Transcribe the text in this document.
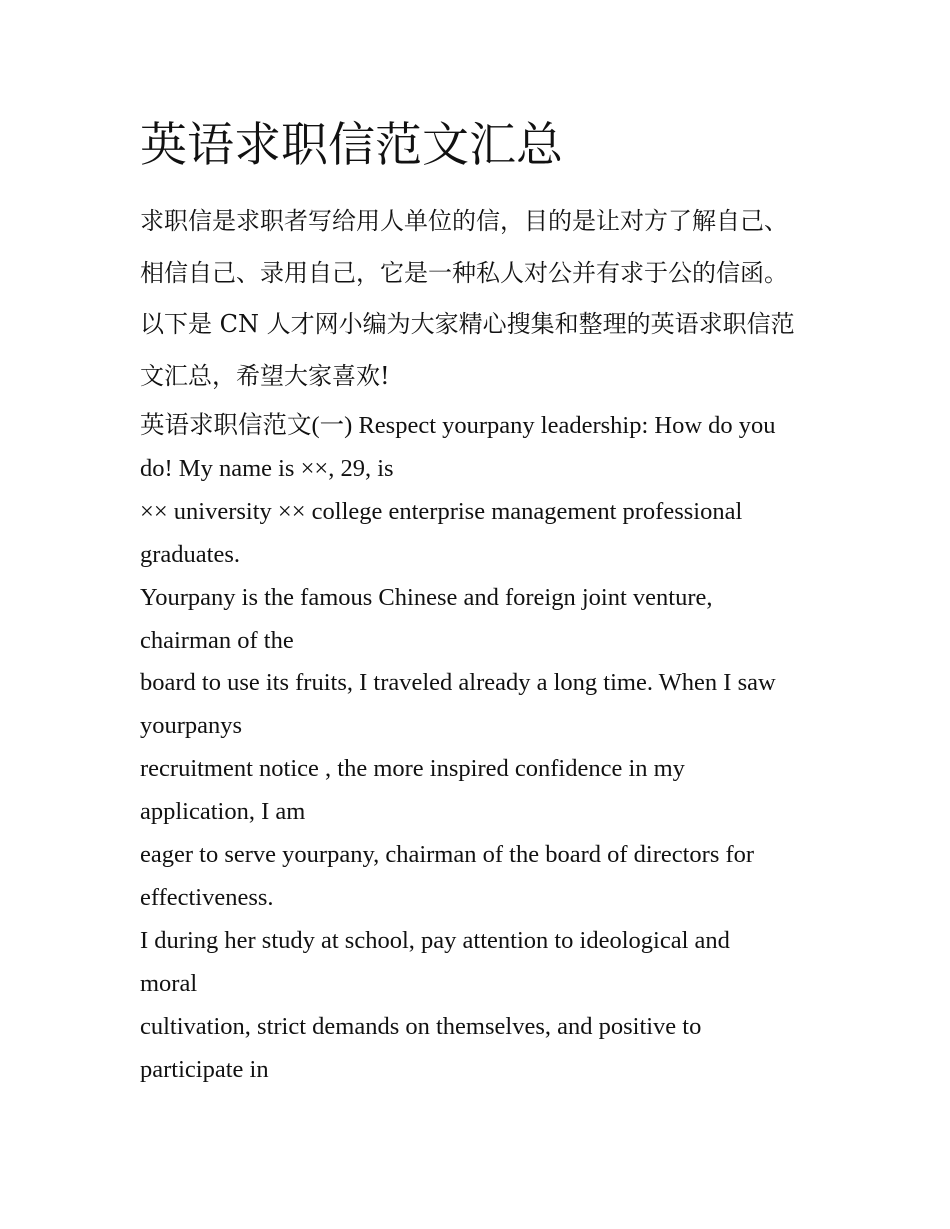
英语求职信范文汇总
求职信是求职者写给用人单位的信，目的是让对方了解自己、
相信自己、录用自己，它是一种私人对公并有求于公的信函。
以下是 CN 人才网小编为大家精心搜集和整理的英语求职信范
文汇总，希望大家喜欢!
英语求职信范文(一) Respect yourpany leadership: How do you
do! My name is ××, 29, is
×× university ×× college enterprise management professional
graduates.
Yourpany is the famous Chinese and foreign joint venture,
chairman of the
board to use its fruits, I traveled already a long time. When I saw
yourpanys
recruitment notice , the more inspired confidence in my
application, I am
eager to serve yourpany, chairman of the board of directors for
effectiveness.
I during her study at school, pay attention to ideological and
moral
cultivation, strict demands on themselves, and positive to
participate in
